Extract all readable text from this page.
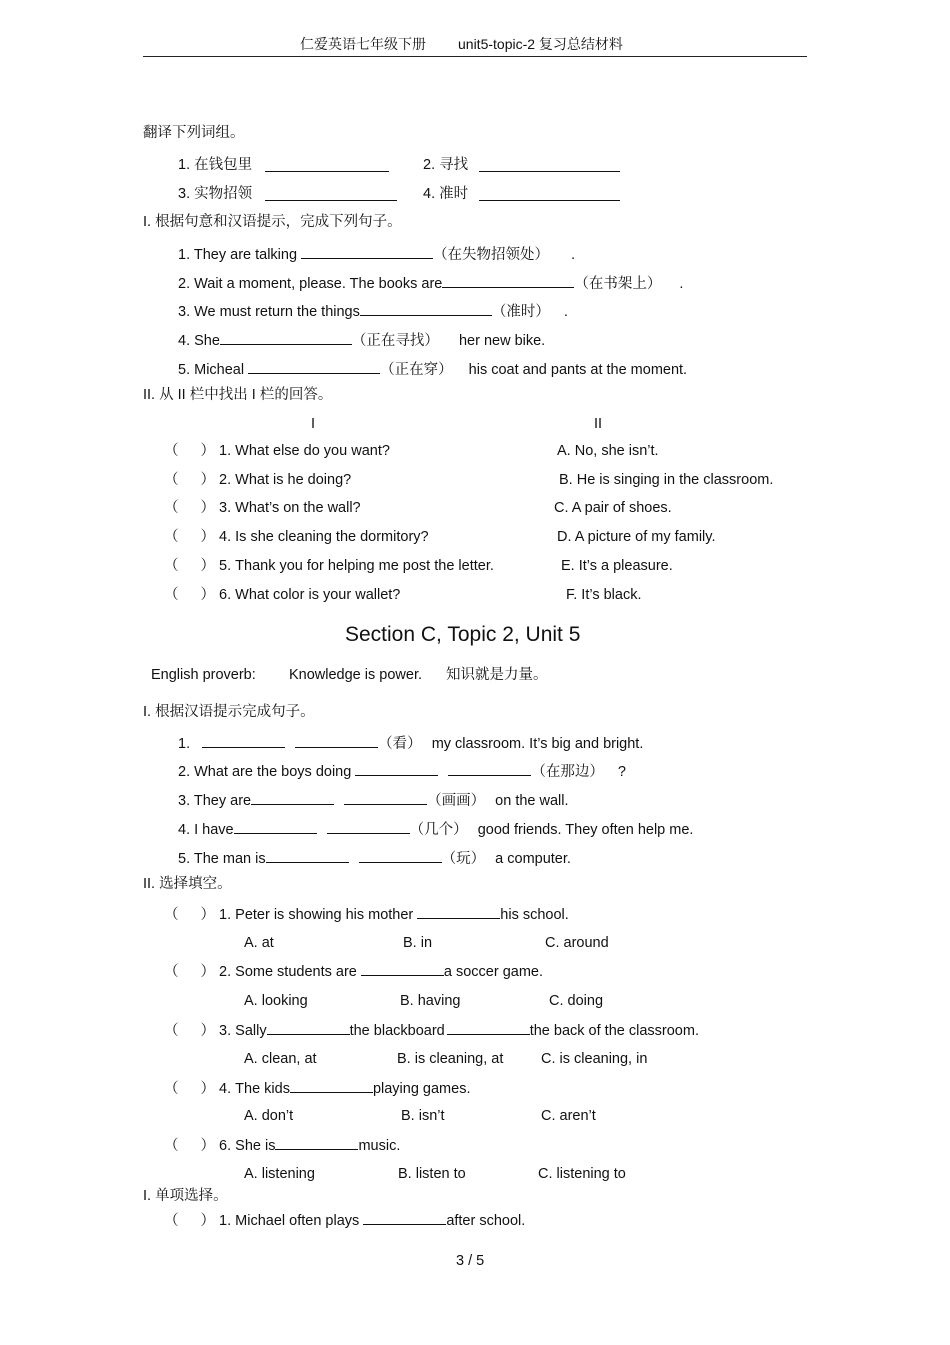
仁爱英语七年级下册 unit5-topic-2 复习总结材料
翻译下列词组。
1. 在钱包里	2. 寻找
3. 实物招领	4. 准时
I. 根据句意和汉语提示，完成下列句子。
1. They are talking	（在失物招领处） .
2. Wait a moment, please. The books are	（在书架上） .
3. We must return the things	（准时） .
4. She	（正在寻找） her new bike.
5. Micheal	（正在穿） his coat and pants at the moment.
II. 从 II 栏中找出 I 栏的回答。
I	II
（ ） 1. What else do you want?	A. No, she isn’t.
（ ） 2. What is he doing?	B. He is singing in the classroom.
（ ） 3. What’s on the wall?	C. A pair of shoes.
（ ） 4. Is she cleaning the dormitory?	D. A picture of my family.
（ ） 5. Thank you for helping me post the letter.	E. It’s a pleasure.
（ ） 6. What color is your wallet?	F. It’s black.
Section C, Topic 2, Unit 5
English proverb: Knowledge is power. 知识就是力量。
I. 根据汉语提示完成句子。
1.	（看） my classroom. It’s big and bright.
2. What are the boys doing	（在那边） ?
3. They are	（画画） on the wall.
4. I have	（几个） good friends. They often help me.
5. The man is	（玩） a computer.
II. 选择填空。
（ ） 1. Peter is showing his mother	his school.
A. at	B. in	C. around
（ ） 2. Some students are	a soccer game.
A. looking	B. having	C. doing
（ ） 3. Sally	the blackboard	the back of the classroom.
A. clean, at	B. is cleaning, at	C. is cleaning, in
（ ） 4. The kids	playing games.
A. don’t	B. isn’t	C. aren’t
（ ） 6. She is	music.
A. listening	B. listen to	C. listening to
I. 单项选择。
（ ） 1. Michael often plays	after school.
3 / 5
